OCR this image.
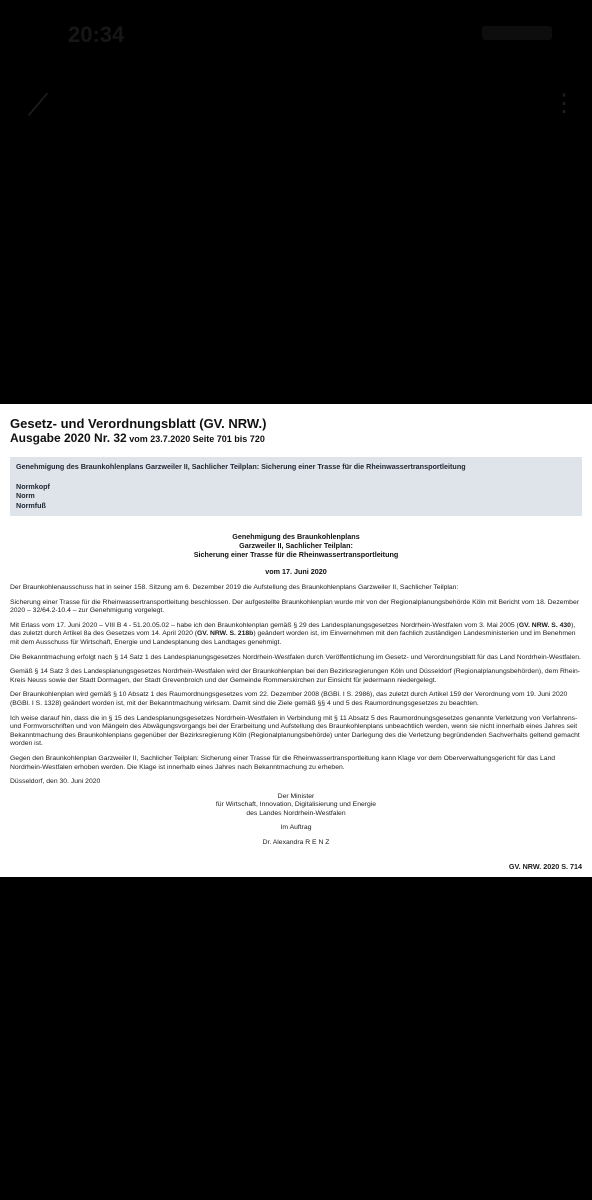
20:34
⟋	⋮
Gesetz- und Verordnungsblatt (GV. NRW.)
Ausgabe 2020 Nr. 32 vom 23.7.2020 Seite 701 bis 720
Genehmigung des Braunkohlenplans Garzweiler II, Sachlicher Teilplan: Sicherung einer Trasse für die Rheinwassertransportleitung
Normkopf
Norm
Normfuß
Genehmigung des Braunkohlenplans
Garzweiler II, Sachlicher Teilplan:
Sicherung einer Trasse für die Rheinwassertransportleitung
vom 17. Juni 2020

Der Braunkohlenausschuss hat in seiner 158. Sitzung am 6. Dezember 2019 die Aufstellung des Braunkohlenplans Garzweiler II, Sachlicher Teilplan:

Sicherung einer Trasse für die Rheinwassertransportleitung beschlossen. Der aufgestellte Braunkohlenplan wurde mir von der Regionalplanungsbehörde Köln mit Bericht vom 18. Dezember 2020 – 32/64.2-10.4 – zur Genehmigung vorgelegt.

Mit Erlass vom 17. Juni 2020 – VIII B 4 - 51.20.05.02 – habe ich den Braunkohlenplan gemäß § 29 des Landesplanungsgesetzes Nordrhein-Westfalen vom 3. Mai 2005 (GV. NRW. S. 430), das zuletzt durch Artikel 8a des Gesetzes vom 14. April 2020 (GV. NRW. S. 218b) geändert worden ist, im Einvernehmen mit den fachlich zuständigen Landesministerien und im Benehmen mit dem Ausschuss für Wirtschaft, Energie und Landesplanung des Landtages genehmigt.

Die Bekanntmachung erfolgt nach § 14 Satz 1 des Landesplanungsgesetzes Nordrhein-Westfalen durch Veröffentlichung im Gesetz- und Verordnungsblatt für das Land Nordrhein-Westfalen.

Gemäß § 14 Satz 3 des Landesplanungsgesetzes Nordrhein-Westfalen wird der Braunkohlenplan bei den Bezirksregierungen Köln und Düsseldorf (Regionalplanungsbehörden), dem Rhein-Kreis Neuss sowie der Stadt Dormagen, der Stadt Grevenbroich und der Gemeinde Rommerskirchen zur Einsicht für jedermann niedergelegt.

Der Braunkohlenplan wird gemäß § 10 Absatz 1 des Raumordnungsgesetzes vom 22. Dezember 2008 (BGBl. I S. 2986), das zuletzt durch Artikel 159 der Verordnung vom 19. Juni 2020 (BGBl. I S. 1328) geändert worden ist, mit der Bekanntmachung wirksam. Damit sind die Ziele gemäß §§ 4 und 5 des Raumordnungsgesetzes zu beachten.

Ich weise darauf hin, dass die in § 15 des Landesplanungsgesetzes Nordrhein-Westfalen in Verbindung mit § 11 Absatz 5 des Raumordnungsgesetzes genannte Verletzung von Verfahrens- und Formvorschriften und von Mängeln des Abwägungsvorgangs bei der Erarbeitung und Aufstellung des Braunkohlenplans unbeachtlich werden, wenn sie nicht innerhalb eines Jahres seit Bekanntmachung des Braunkohlenplans gegenüber der Bezirksregierung Köln (Regionalplanungsbehörde) unter Darlegung des die Verletzung begründenden Sachverhalts geltend gemacht worden ist.

Gegen den Braunkohlenplan Garzweiler II, Sachlicher Teilplan: Sicherung einer Trasse für die Rheinwassertransportleitung kann Klage vor dem Oberverwaltungsgericht für das Land Nordrhein-Westfalen erhoben werden. Die Klage ist innerhalb eines Jahres nach Bekanntmachung zu erheben.

Düsseldorf, den 30. Juni 2020

Der Minister
für Wirtschaft, Innovation, Digitalisierung und Energie
des Landes Nordrhein-Westfalen
Im Auftrag
Dr. Alexandra R E N Z
GV. NRW. 2020 S. 714
